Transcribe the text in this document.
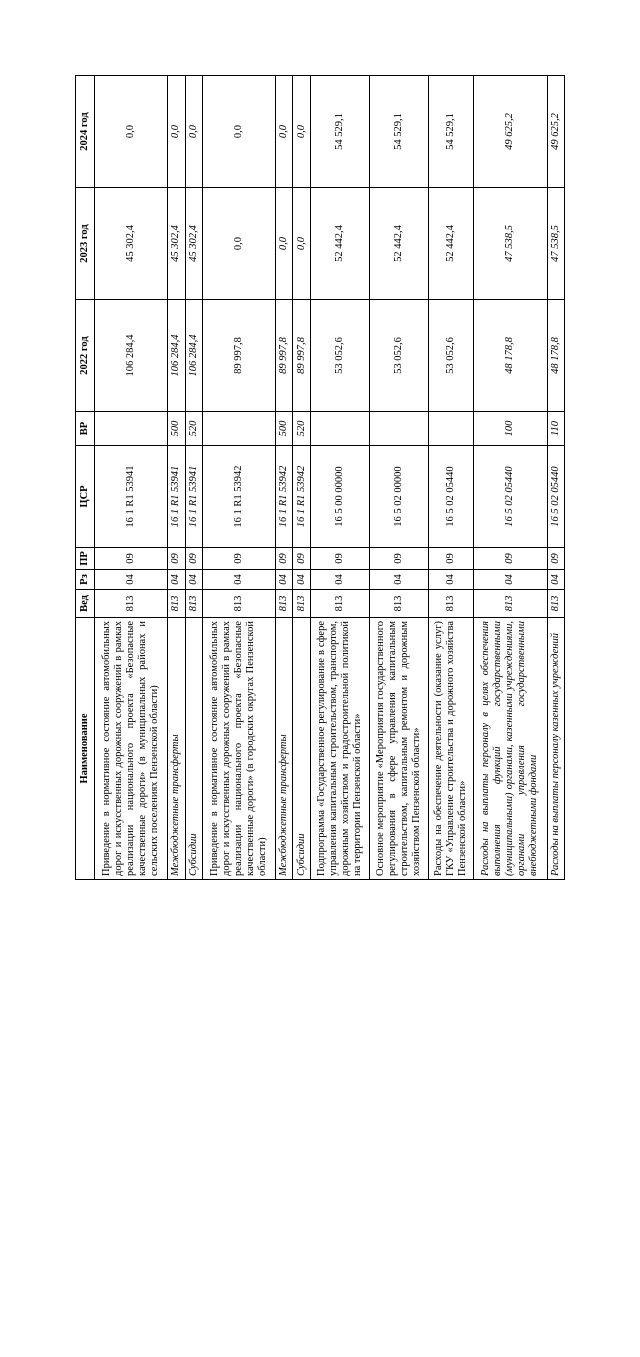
Наименование	Вед	Рз	ПР	ЦСР	ВР	2022 год	2023 год	2024 год
Приведение в нормативное состояние автомобильных дорог и искусственных дорожных сооружений в рамках реализации национального проекта «Безопасные качественные дороги» (в муниципальных районах и сельских поселениях Пензенской области)	813	04	09	16 1 R1 53941		106 284,4	45 302,4	0,0
Межбюджетные трансферты	813	04	09	16 1 R1 53941	500	106 284,4	45 302,4	0,0
Субсидии	813	04	09	16 1 R1 53941	520	106 284,4	45 302,4	0,0
Приведение в нормативное состояние автомобильных дорог и искусственных дорожных сооружений в рамках реализации национального проекта «Безопасные качественные дороги» (в городских округах Пензенской области)	813	04	09	16 1 R1 53942		89 997,8	0,0	0,0
Межбюджетные трансферты	813	04	09	16 1 R1 53942	500	89 997,8	0,0	0,0
Субсидии	813	04	09	16 1 R1 53942	520	89 997,8	0,0	0,0
Подпрограмма «Государственное регулирование в сфере управления капитальным строительством, транспортом, дорожным хозяйством и градостроительной политикой на территории Пензенской области»	813	04	09	16 5 00 00000		53 052,6	52 442,4	54 529,1
Основное мероприятие «Мероприятия государственного регулирования в сфере управления капитальным строительством, капитальным ремонтом и дорожным хозяйством Пензенской области»	813	04	09	16 5 02 00000		53 052,6	52 442,4	54 529,1
Расходы на обеспечение деятельности (оказание услуг) ГКУ «Управление строительства и дорожного хозяйства Пензенской области»	813	04	09	16 5 02 05440		53 052,6	52 442,4	54 529,1
Расходы на выплаты персоналу в целях обеспечения выполнения функций государственными (муниципальными) органами, казенными учреждениями, органами управления государственными внебюджетными фондами	813	04	09	16 5 02 05440	100	48 178,8	47 538,5	49 625,2
Расходы на выплаты персоналу казенных учреждений	813	04	09	16 5 02 05440	110	48 178,8	47 538,5	49 625,2
